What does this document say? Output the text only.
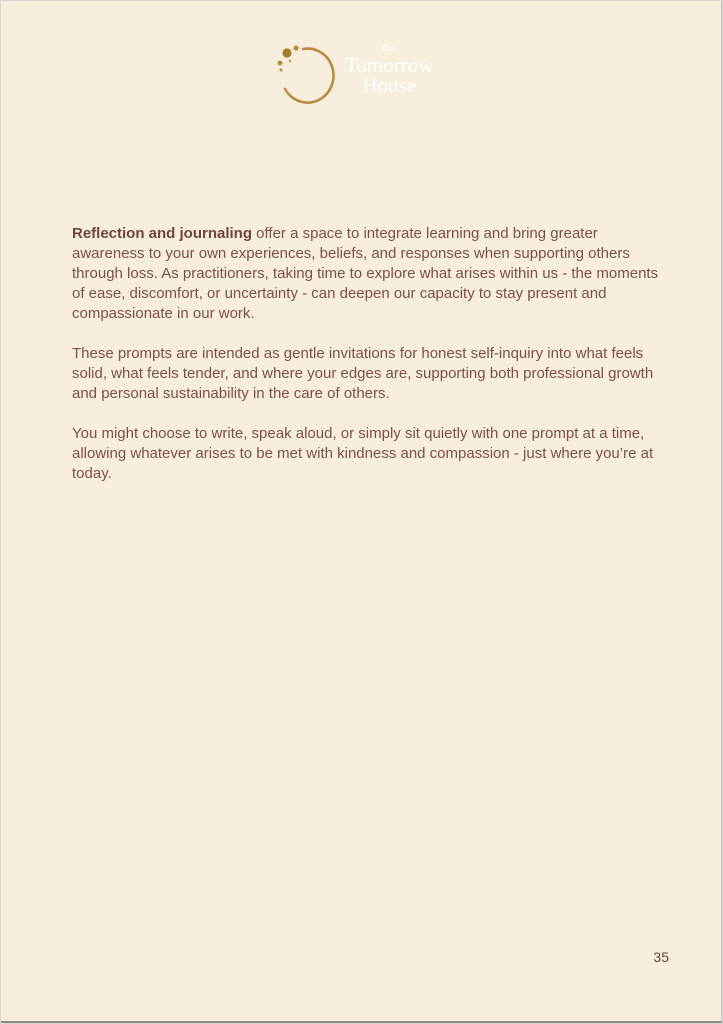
the
Tomorrow
House

Reflection and journaling offer a space to integrate learning and bring greater awareness to your own experiences, beliefs, and responses when supporting others through loss. As practitioners, taking time to explore what arises within us - the moments of ease, discomfort, or uncertainty - can deepen our capacity to stay present and compassionate in our work.

These prompts are intended as gentle invitations for honest self-inquiry into what feels solid, what feels tender, and where your edges are, supporting both professional growth and personal sustainability in the care of others.

You might choose to write, speak aloud, or simply sit quietly with one prompt at a time, allowing whatever arises to be met with kindness and compassion - just where you’re at today.

35
